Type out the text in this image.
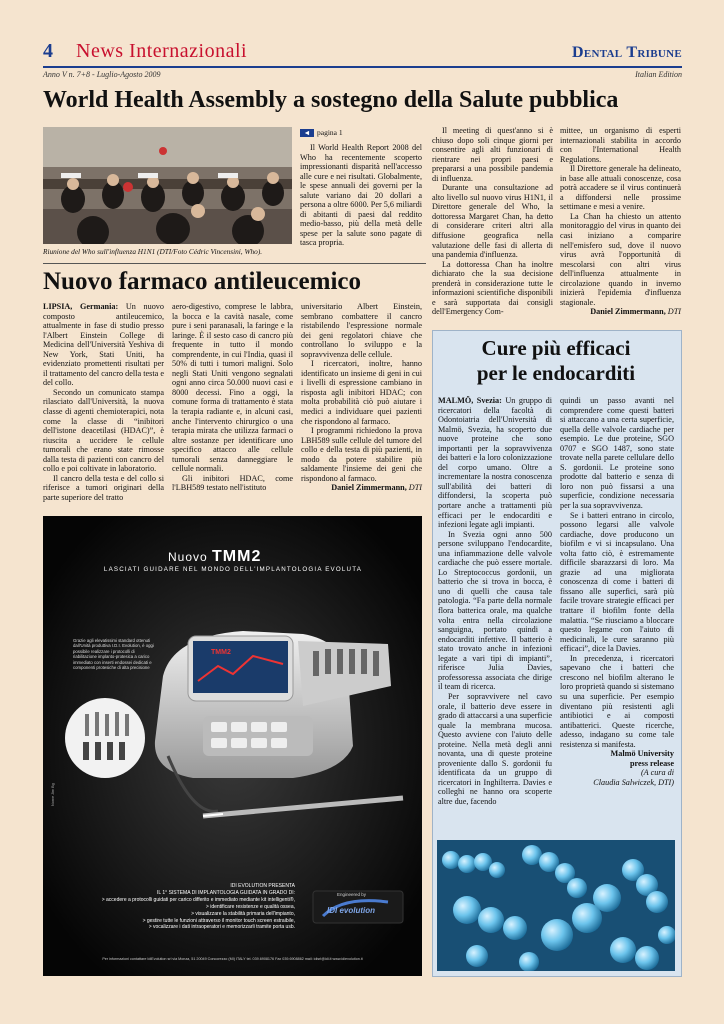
4 News Internazionali	Dental Tribune
Anno V n. 7+8 - Luglio-Agosto 2009	Italian Edition
World Health Assembly a sostegno della Salute pubblica
Riunione del Who sull'influenza H1N1 (DTI/Foto Cédric Vincensini, Who).
◄ pagina 1

Il World Health Report 2008 del Who ha recentemente scoperto impressionanti disparità nell'accesso alle cure e nei risultati. Globalmente, le spese annuali dei governi per la salute variano dai 20 dollari a persona a oltre 6000. Per 5,6 miliardi di abitanti di paesi dal reddito medio-basso, più della metà delle spese per la salute sono pagate di tasca propria.

Il meeting di quest'anno si è chiuso dopo soli cinque giorni per consentire agli alti funzionari di rientrare nei propri paesi e prepararsi a una possibile pandemia di influenza.

Durante una consultazione ad alto livello sul nuovo virus H1N1, il Direttore generale del Who, la dottoressa Margaret Chan, ha detto di considerare criteri altri alla diffusione geografica nella valutazione delle fasi di allerta di una pandemia d'influenza.

La dottoressa Chan ha inoltre dichiarato che la sua decisione prenderà in considerazione tutte le informazioni scientifiche disponibili e sarà supportata dai consigli dell'Emergency Com-

mittee, un organismo di esperti internazionali stabilita in accordo con l'International Health Regulations.

Il Direttore generale ha delineato, in base alle attuali conoscenze, cosa potrà accadere se il virus continuerà a diffondersi nelle prossime settimane e mesi a venire.

La Chan ha chiesto un attento monitoraggio del virus in quanto dei casi iniziano a comparire nell'emisfero sud, dove il nuovo virus avrà l'opportunità di mescolarsi con altri virus dell'influenza attualmente in circolazione quando in inverno inizierà l'epidemia d'influenza stagionale.

Daniel Zimmermann, DTI

Nuovo farmaco antileucemico

LIPSIA, Germania: Un nuovo composto antileucemico, attualmente in fase di studio presso l'Albert Einstein College di Medicina dell'Università Yeshiva di New York, Stati Uniti, ha evidenziato promettenti risultati per il trattamento del cancro della testa e del collo.

Secondo un comunicato stampa rilasciato dall'Università, la nuova classe di agenti chemioterapici, nota come la classe di “inibitori dell'istone deacetilasi (HDAC)”, è riuscita a uccidere le cellule tumorali che erano state rimosse dalla testa di pazienti con cancro del collo e poi coltivate in laboratorio.

Il cancro della testa e del collo si riferisce a tumori originari della parte superiore del tratto

aero-digestivo, comprese le labbra, la bocca e la cavità nasale, come pure i seni paranasali, la faringe e la laringe. È il sesto caso di cancro più frequente in tutto il mondo comprendente, in cui l'India, quasi il 50% di tutti i tumori maligni. Solo negli Stati Uniti vengono segnalati ogni anno circa 50.000 nuovi casi e 8000 decessi. Fino a oggi, la comune forma di trattamento è stata la terapia radiante e, in alcuni casi, anche l'intervento chirurgico o una terapia mirata che utilizza farmaci o altre sostanze per identificare uno specifico attacco alle cellule tumorali senza danneggiare le cellule normali.

Gli inibitori HDAC, come l'LBH589 testato nell'istituto

universitario Albert Einstein, sembrano combattere il cancro ristabilendo l'espressione normale dei geni regolatori chiave che controllano lo sviluppo e la sopravvivenza delle cellule.

I ricercatori, inoltre, hanno identificato un insieme di geni in cui i livelli di espressione cambiano in risposta agli inibitori HDAC; con molta probabilità ciò può aiutare i medici a individuare quei pazienti che rispondono al farmaco.

I programmi richiedono la prova LBH589 sulle cellule del tumore del collo e della testa di più pazienti, in modo da potere stabilire più saldamente l'insieme dei geni che rispondono al farmaco.

Daniel Zimmermann, DTI

Nuovo TMM2
LASCIATI GUIDARE NEL MONDO DELL'IMPLANTOLOGIA EVOLUTA
Grazie agli elevatissimi standard ottenuti dall'Unità produttiva I.D.I. Evolution, è oggi possibile realizzare i protocolli di riabilitazione implanto-protesica a carico immediato con inserti endossei dedicati e componenti protesiche di alta precisione
Nome Jim Bg
TMM2
IDI EVOLUTION PRESENTA
IL 1° SISTEMA DI IMPLANTOLOGIA GUIDATA IN GRADO DI:
> accedere a protocolli guidati per carico differito e immediato mediante kit intelligenti®,
> identificare resistenze e qualità ossea,
> visualizzare la stabilità primaria dell'impianto,
> gestire tutte le funzioni attraverso il monitor touch screen estraibile,
> vocalizzare i dati intraoperatori e memorizzarli tramite porta usb.
Engineered by
IDI evolution
Per informazioni contattare IdiEvolution srl via Monza, 51 20049 Concorezzo (MI) ITALY tel. 039.6908176 Fax 039.6908862 mail: idisrl@idi.it www.idievolution.it
Cure più efficaci
per le endocarditi

MALMÖ, Svezia: Un gruppo di ricercatori della facoltà di Odontoiatria dell'Università di Malmö, Svezia, ha scoperto due nuove proteine che sono importanti per la sopravvivenza dei batteri e la loro colonizzazione del corpo umano. Oltre a incrementare la nostra conoscenza sull'abilità dei batteri di diffondersi, la scoperta può portare anche a trattamenti più efficaci per le endocarditi e infezioni legate agli impianti.

In Svezia ogni anno 500 persone sviluppano l'endocardite, una infiammazione delle valvole cardiache che può essere mortale. Lo Streptococcus gordonii, un batterio che si trova in bocca, è uno di quelli che causa tale patologia. “Fa parte della normale flora batterica orale, ma qualche volta entra nella circolazione sanguigna, portato quindi a endocarditi infettive. Il batterio è stato trovato anche in infezioni legate a vari tipi di impianti”, riferisce Julia Davies, professoressa associata che dirige il team di ricerca.

Per sopravvivere nel cavo orale, il batterio deve essere in grado di attaccarsi a una superficie quale la membrana mucosa. Questo avviene con l'aiuto delle proteine. Nella metà degli anni novanta, una di queste proteine proveniente dallo S. gordonii fu identificata da un gruppo di ricercatori in Inghilterra. Davies e colleghi ne hanno ora scoperte altre due, facendo

quindi un passo avanti nel comprendere come questi batteri si attaccano a una certa superficie, quella delle valvole cardiache per esempio. Le due proteine, SGO 0707 e SGO 1487, sono state trovate nella parete cellulare dello S. gordonii. Le proteine sono prodotte dal batterio e senza di loro non può fissarsi a una superficie, condizione necessaria per la sua sopravvivenza.

Se i batteri entrano in circolo, possono legarsi alle valvole cardiache, dove producono un biofilm e vi si incapsulano. Una volta fatto ciò, è estremamente difficile sbarazzarsi di loro. Ma grazie ad una migliorata conoscenza di come i batteri di fissano alle superfici, sarà più facile trovare strategie efficaci per trattare il biofilm fonte della malattia. “Se riusciamo a bloccare questo legame con l'aiuto di medicinali, le cure saranno più efficaci”, dice la Davies.

In precedenza, i ricercatori sapevano che i batteri che crescono nel biofilm alterano le loro proprietà quando si sistemano su una superficie. Per esempio diventano più resistenti agli antibiotici e ai composti antibatterici. Queste ricerche, adesso, indagano su come tale resistenza si manifesta.

Malmö University

press release

(A cura di

Claudia Salwiczek, DTI)
